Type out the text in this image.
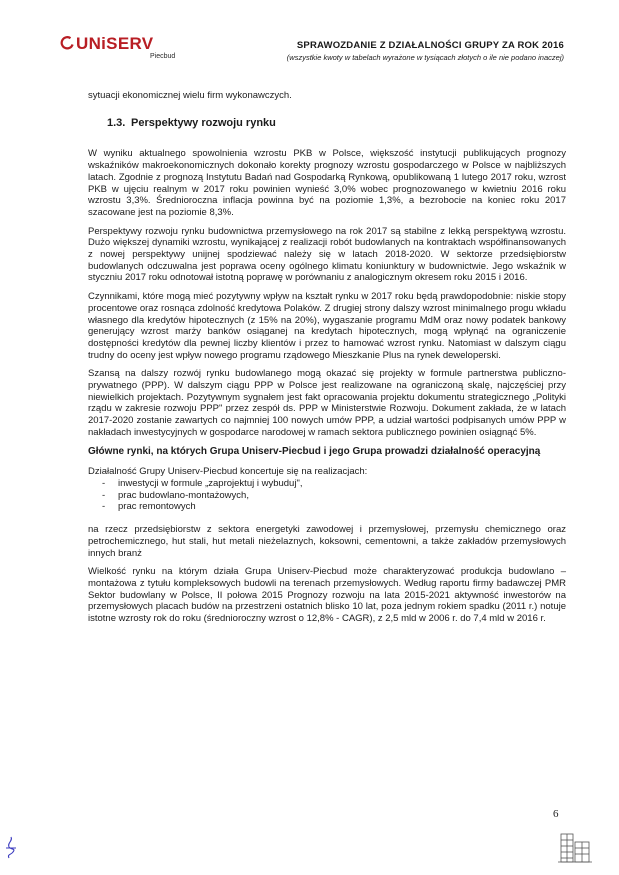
UNiSERV
Piecbud
SPRAWOZDANIE Z DZIAŁALNOŚCI GRUPY ZA ROK 2016
(wszystkie kwoty w tabelach wyrażone w tysiącach złotych o ile nie podano inaczej)

sytuacji ekonomicznej wielu firm wykonawczych.

1.3. Perspektywy rozwoju rynku

W wyniku aktualnego spowolnienia wzrostu PKB w Polsce, większość instytucji publikujących prognozy wskaźników makroekonomicznych dokonało korekty prognozy wzrostu gospodarczego w Polsce w najbliższych latach. Zgodnie z prognozą Instytutu Badań nad Gospodarką Rynkową, opublikowaną 1 lutego 2017 roku, wzrost PKB w ujęciu realnym w 2017 roku powinien wynieść 3,0% wobec prognozowanego w kwietniu 2016 roku wzrostu 3,3%. Średnioroczna inflacja powinna być na poziomie 1,3%, a bezrobocie na koniec roku 2017 szacowane jest na poziomie 8,3%.

Perspektywy rozwoju rynku budownictwa przemysłowego na rok 2017 są stabilne z lekką perspektywą wzrostu. Dużo większej dynamiki wzrostu, wynikającej z realizacji robót budowlanych na kontraktach współfinansowanych z nowej perspektywy unijnej spodziewać należy się w latach 2018-2020. W sektorze przedsiębiorstw budowlanych odczuwalna jest poprawa oceny ogólnego klimatu koniunktury w budownictwie. Jego wskaźnik w styczniu 2017 roku odnotował istotną poprawę w porównaniu z analogicznym okresem roku 2015 i 2016.

Czynnikami, które mogą mieć pozytywny wpływ na kształt rynku w 2017 roku będą prawdopodobnie: niskie stopy procentowe oraz rosnąca zdolność kredytowa Polaków. Z drugiej strony dalszy wzrost minimalnego progu wkładu własnego dla kredytów hipotecznych (z 15% na 20%), wygaszanie programu MdM oraz nowy podatek bankowy generujący wzrost marży banków osiąganej na kredytach hipotecznych, mogą wpłynąć na ograniczenie dostępności kredytów dla pewnej liczby klientów i przez to hamować wzrost rynku. Natomiast w dalszym ciągu trudny do oceny jest wpływ nowego programu rządowego Mieszkanie Plus na rynek deweloperski.

Szansą na dalszy rozwój rynku budowlanego mogą okazać się projekty w formule partnerstwa publiczno-prywatnego (PPP). W dalszym ciągu PPP w Polsce jest realizowane na ograniczoną skalę, najczęściej przy niewielkich projektach. Pozytywnym sygnałem jest fakt opracowania projektu dokumentu strategicznego „Polityki rządu w zakresie rozwoju PPP" przez zespół ds. PPP w Ministerstwie Rozwoju. Dokument zakłada, że w latach 2017-2020 zostanie zawartych co najmniej 100 nowych umów PPP, a udział wartości podpisanych umów PPP w nakładach inwestycyjnych w gospodarce narodowej w ramach sektora publicznego powinien osiągnąć 5%.

Główne rynki, na których Grupa Uniserv-Piecbud i jego Grupa prowadzi działalność operacyjną

Działalność Grupy Uniserv-Piecbud koncertuje się na realizacjach:

- inwestycji w formule „zaprojektuj i wybuduj",
- prac budowlano-montażowych,
- prac remontowych

na rzecz przedsiębiorstw z sektora energetyki zawodowej i przemysłowej, przemysłu chemicznego oraz petrochemicznego, hut stali, hut metali nieżelaznych, koksowni, cementowni, a także zakładów przemysłowych innych branż

Wielkość rynku na którym działa Grupa Uniserv-Piecbud może charakteryzować produkcja budowlano – montażowa z tytułu kompleksowych budowli na terenach przemysłowych. Według raportu firmy badawczej PMR Sektor budowlany w Polsce, II połowa 2015 Prognozy rozwoju na lata 2015-2021 aktywność inwestorów na przemysłowych placach budów na przestrzeni ostatnich blisko 10 lat, poza jednym rokiem spadku (2011 r.) notuje istotne wzrosty rok do roku (średnioroczny wzrost o 12,8% - CAGR), z 2,5 mld w 2006 r. do 7,4 mld w 2016 r.

6
